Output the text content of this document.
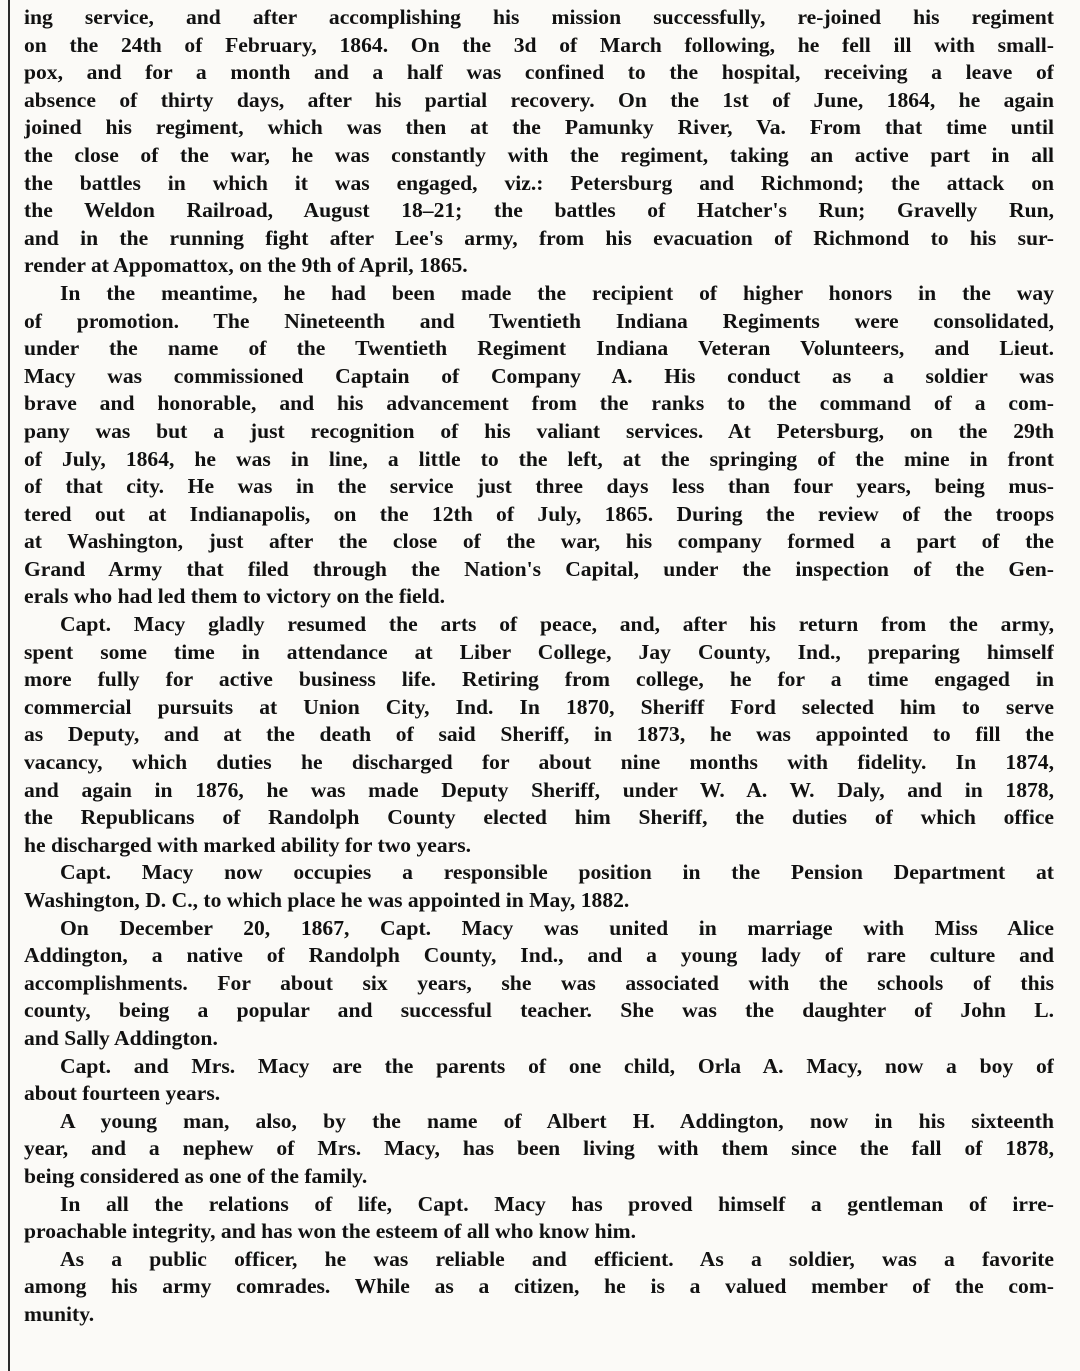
ing service, and after accomplishing his mission successfully, re-joined his regiment
on the 24th of February, 1864. On the 3d of March following, he fell ill with small-
pox, and for a month and a half was confined to the hospital, receiving a leave of
absence of thirty days, after his partial recovery. On the 1st of June, 1864, he again
joined his regiment, which was then at the Pamunky River, Va. From that time until
the close of the war, he was constantly with the regiment, taking an active part in all
the battles in which it was engaged, viz.: Petersburg and Richmond; the attack on
the Weldon Railroad, August 18–21; the battles of Hatcher's Run; Gravelly Run,
and in the running fight after Lee's army, from his evacuation of Richmond to his sur-
render at Appomattox, on the 9th of April, 1865.
In the meantime, he had been made the recipient of higher honors in the way
of promotion. The Nineteenth and Twentieth Indiana Regiments were consolidated,
under the name of the Twentieth Regiment Indiana Veteran Volunteers, and Lieut.
Macy was commissioned Captain of Company A. His conduct as a soldier was
brave and honorable, and his advancement from the ranks to the command of a com-
pany was but a just recognition of his valiant services. At Petersburg, on the 29th
of July, 1864, he was in line, a little to the left, at the springing of the mine in front
of that city. He was in the service just three days less than four years, being mus-
tered out at Indianapolis, on the 12th of July, 1865. During the review of the troops
at Washington, just after the close of the war, his company formed a part of the
Grand Army that filed through the Nation's Capital, under the inspection of the Gen-
erals who had led them to victory on the field.
Capt. Macy gladly resumed the arts of peace, and, after his return from the army,
spent some time in attendance at Liber College, Jay County, Ind., preparing himself
more fully for active business life. Retiring from college, he for a time engaged in
commercial pursuits at Union City, Ind. In 1870, Sheriff Ford selected him to serve
as Deputy, and at the death of said Sheriff, in 1873, he was appointed to fill the
vacancy, which duties he discharged for about nine months with fidelity. In 1874,
and again in 1876, he was made Deputy Sheriff, under W. A. W. Daly, and in 1878,
the Republicans of Randolph County elected him Sheriff, the duties of which office
he discharged with marked ability for two years.
Capt. Macy now occupies a responsible position in the Pension Department at
Washington, D. C., to which place he was appointed in May, 1882.
On December 20, 1867, Capt. Macy was united in marriage with Miss Alice
Addington, a native of Randolph County, Ind., and a young lady of rare culture and
accomplishments. For about six years, she was associated with the schools of this
county, being a popular and successful teacher. She was the daughter of John L.
and Sally Addington.
Capt. and Mrs. Macy are the parents of one child, Orla A. Macy, now a boy of
about fourteen years.
A young man, also, by the name of Albert H. Addington, now in his sixteenth
year, and a nephew of Mrs. Macy, has been living with them since the fall of 1878,
being considered as one of the family.
In all the relations of life, Capt. Macy has proved himself a gentleman of irre-
proachable integrity, and has won the esteem of all who know him.
As a public officer, he was reliable and efficient. As a soldier, was a favorite
among his army comrades. While as a citizen, he is a valued member of the com-
munity.
